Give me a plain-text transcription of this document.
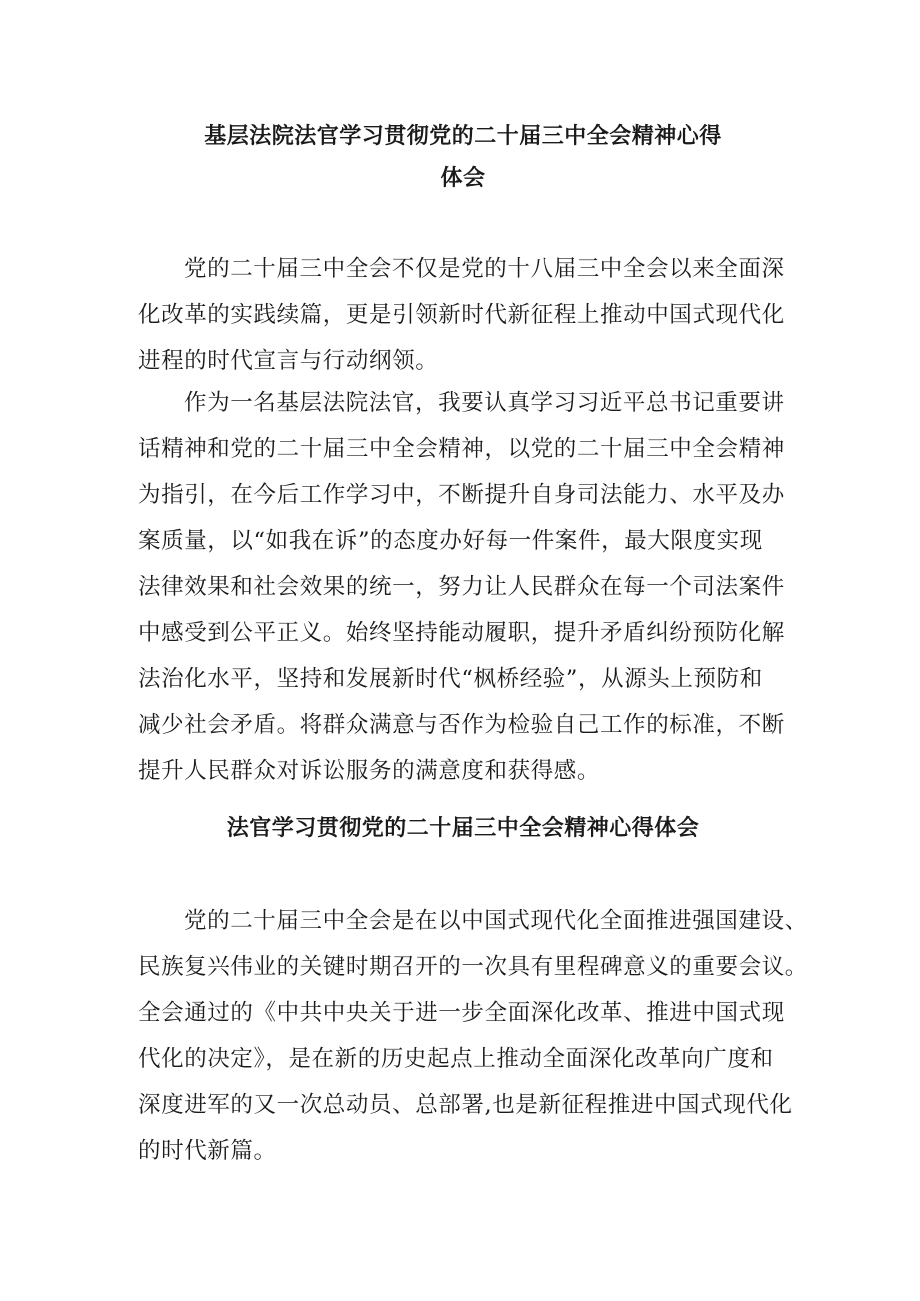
基层法院法官学习贯彻党的二十届三中全会精神心得
体会

党的二十届三中全会不仅是党的十八届三中全会以来全面深
化改革的实践续篇，更是引领新时代新征程上推动中国式现代化
进程的时代宣言与行动纲领。

作为一名基层法院法官，我要认真学习习近平总书记重要讲
话精神和党的二十届三中全会精神，以党的二十届三中全会精神
为指引，在今后工作学习中，不断提升自身司法能力、水平及办
案质量，以“如我在诉”的态度办好每一件案件，最大限度实现
法律效果和社会效果的统一，努力让人民群众在每一个司法案件
中感受到公平正义。始终坚持能动履职，提升矛盾纠纷预防化解
法治化水平，坚持和发展新时代“枫桥经验”，从源头上预防和
减少社会矛盾。将群众满意与否作为检验自己工作的标准，不断
提升人民群众对诉讼服务的满意度和获得感。

法官学习贯彻党的二十届三中全会精神心得体会

党的二十届三中全会是在以中国式现代化全面推进强国建设、
民族复兴伟业的关键时期召开的一次具有里程碑意义的重要会议。
全会通过的《中共中央关于进一步全面深化改革、推进中国式现
代化的决定》，是在新的历史起点上推动全面深化改革向广度和
深度进军的又一次总动员、总部署,也是新征程推进中国式现代化
的时代新篇。
